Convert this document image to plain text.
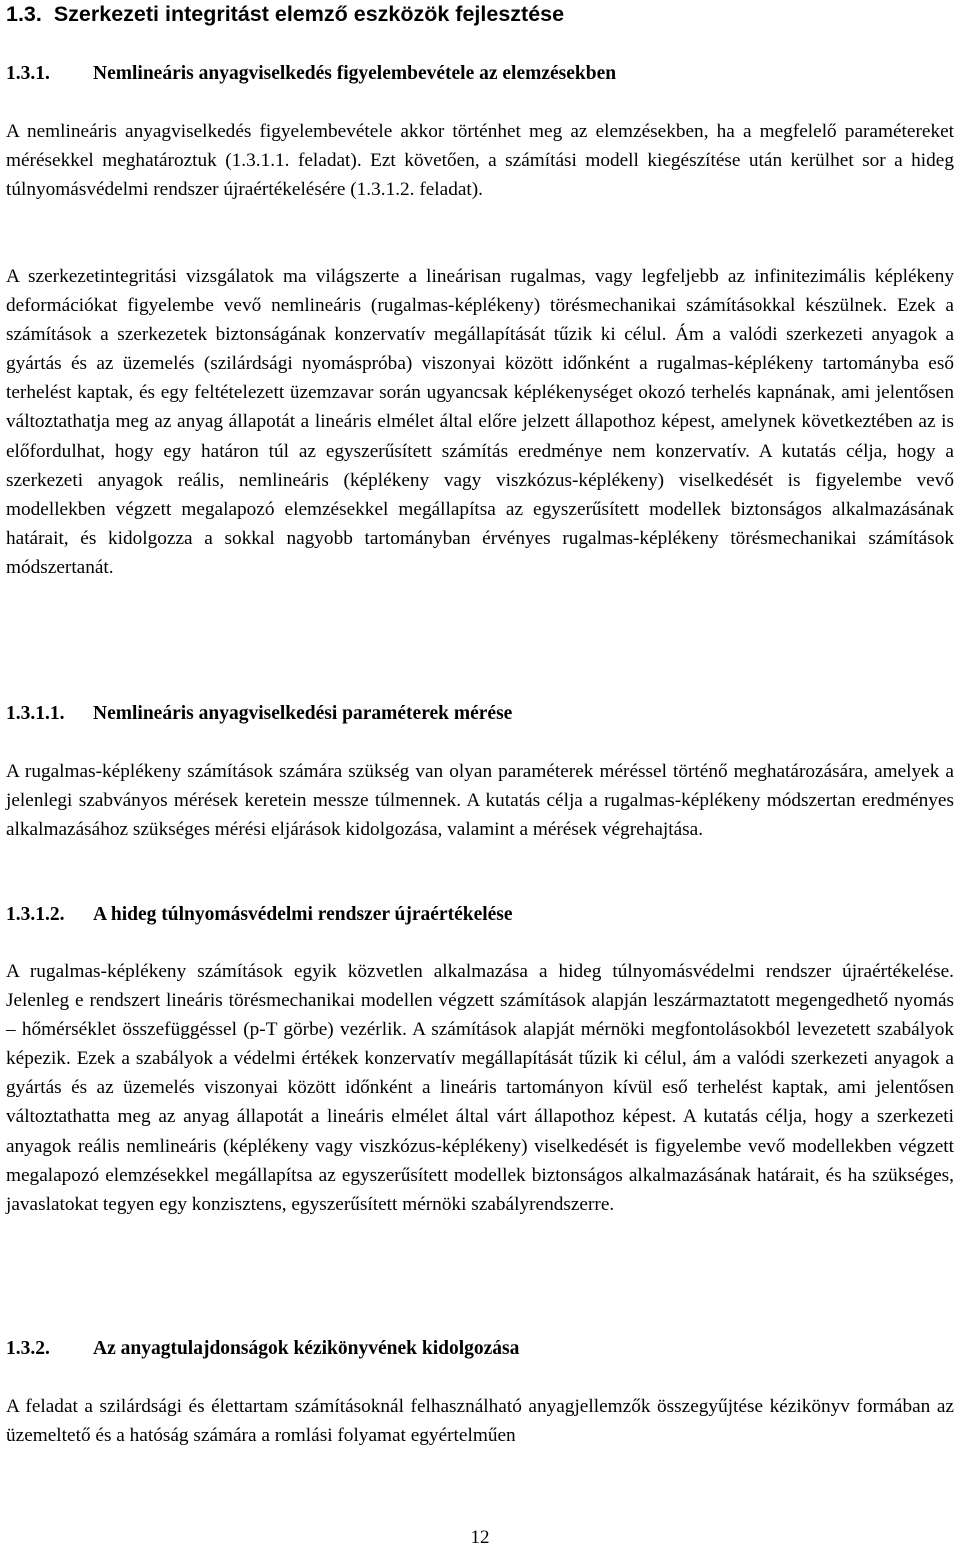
1.3. Szerkezeti integritást elemző eszközök fejlesztése
1.3.1. Nemlineáris anyagviselkedés figyelembevétele az elemzésekben

A nemlineáris anyagviselkedés figyelembevétele akkor történhet meg az elemzésekben, ha a megfelelő paramétereket mérésekkel meghatároztuk (1.3.1.1. feladat). Ezt követően, a számítási modell kiegészítése után kerülhet sor a hideg túlnyomásvédelmi rendszer újraértékelésére (1.3.1.2. feladat).

A szerkezetintegritási vizsgálatok ma világszerte a lineárisan rugalmas, vagy legfeljebb az infinitezimális képlékeny deformációkat figyelembe vevő nemlineáris (rugalmas-képlékeny) törésmechanikai számításokkal készülnek. Ezek a számítások a szerkezetek biztonságának konzervatív megállapítását tűzik ki célul. Ám a valódi szerkezeti anyagok a gyártás és az üzemelés (szilárdsági nyomáspróba) viszonyai között időnként a rugalmas-képlékeny tartományba eső terhelést kaptak, és egy feltételezett üzemzavar során ugyancsak képlékenységet okozó terhelés kapnának, ami jelentősen változtathatja meg az anyag állapotát a lineáris elmélet által előre jelzett állapothoz képest, amelynek következtében az is előfordulhat, hogy egy határon túl az egyszerűsített számítás eredménye nem konzervatív. A kutatás célja, hogy a szerkezeti anyagok reális, nemlineáris (képlékeny vagy viszkózus-képlékeny) viselkedését is figyelembe vevő modellekben végzett megalapozó elemzésekkel megállapítsa az egyszerűsített modellek biztonságos alkalmazásának határait, és kidolgozza a sokkal nagyobb tartományban érvényes rugalmas-képlékeny törésmechanikai számítások módszertanát.

1.3.1.1. Nemlineáris anyagviselkedési paraméterek mérése

A rugalmas-képlékeny számítások számára szükség van olyan paraméterek méréssel történő meghatározására, amelyek a jelenlegi szabványos mérések keretein messze túlmennek. A kutatás célja a rugalmas-képlékeny módszertan eredményes alkalmazásához szükséges mérési eljárások kidolgozása, valamint a mérések végrehajtása.

1.3.1.2. A hideg túlnyomásvédelmi rendszer újraértékelése

A rugalmas-képlékeny számítások egyik közvetlen alkalmazása a hideg túlnyomásvédelmi rendszer újraértékelése. Jelenleg e rendszert lineáris törésmechanikai modellen végzett számítások alapján leszármaztatott megengedhető nyomás – hőmérséklet összefüggéssel (p-T görbe) vezérlik. A számítások alapját mérnöki megfontolásokból levezetett szabályok képezik. Ezek a szabályok a védelmi értékek konzervatív megállapítását tűzik ki célul, ám a valódi szerkezeti anyagok a gyártás és az üzemelés viszonyai között időnként a lineáris tartományon kívül eső terhelést kaptak, ami jelentősen változtathatta meg az anyag állapotát a lineáris elmélet által várt állapothoz képest. A kutatás célja, hogy a szerkezeti anyagok reális nemlineáris (képlékeny vagy viszkózus-képlékeny) viselkedését is figyelembe vevő modellekben végzett megalapozó elemzésekkel megállapítsa az egyszerűsített modellek biztonságos alkalmazásának határait, és ha szükséges, javaslatokat tegyen egy konzisztens, egyszerűsített mérnöki szabályrendszerre.

1.3.2. Az anyagtulajdonságok kézikönyvének kidolgozása

A feladat a szilárdsági és élettartam számításoknál felhasználható anyagjellemzők összegyűjtése kézikönyv formában az üzemeltető és a hatóság számára a romlási folyamat egyértelműen

12
